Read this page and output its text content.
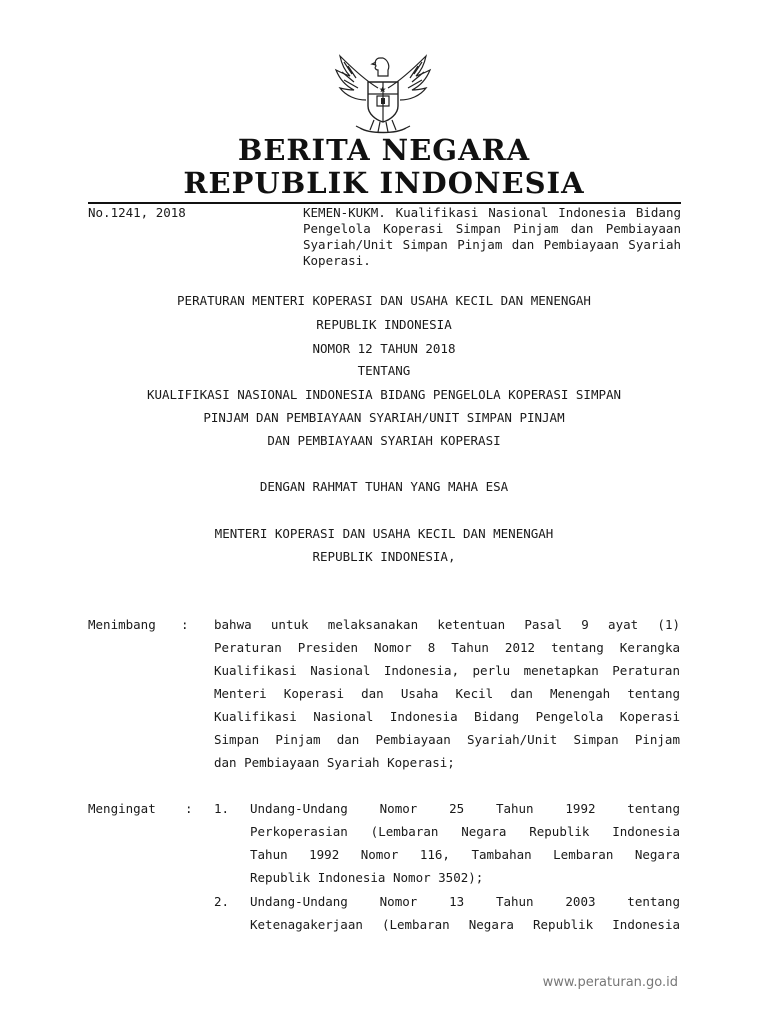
BERITA NEGARA
REPUBLIK INDONESIA
No.1241, 2018	KEMEN-KUKM. Kualifikasi Nasional Indonesia Bidang Pengelola Koperasi Simpan Pinjam dan Pembiayaan Syariah/Unit Simpan Pinjam dan Pembiayaan Syariah Koperasi.
PERATURAN MENTERI KOPERASI DAN USAHA KECIL DAN MENENGAH
REPUBLIK INDONESIA
NOMOR 12 TAHUN 2018
TENTANG
KUALIFIKASI NASIONAL INDONESIA BIDANG PENGELOLA KOPERASI SIMPAN
PINJAM DAN PEMBIAYAAN SYARIAH/UNIT SIMPAN PINJAM
DAN PEMBIAYAAN SYARIAH KOPERASI
DENGAN RAHMAT TUHAN YANG MAHA ESA
MENTERI KOPERASI DAN USAHA KECIL DAN MENENGAH
REPUBLIK INDONESIA,
Menimbang : bahwa untuk melaksanakan ketentuan Pasal 9 ayat (1)
Peraturan Presiden Nomor 8 Tahun 2012 tentang Kerangka
Kualifikasi Nasional Indonesia, perlu menetapkan Peraturan
Menteri Koperasi dan Usaha Kecil dan Menengah tentang
Kualifikasi Nasional Indonesia Bidang Pengelola Koperasi
Simpan Pinjam dan Pembiayaan Syariah/Unit Simpan Pinjam
dan Pembiayaan Syariah Koperasi;
Mengingat : 1. Undang-Undang Nomor 25 Tahun 1992 tentang
Perkoperasian (Lembaran Negara Republik Indonesia
Tahun 1992 Nomor 116, Tambahan Lembaran Negara
Republik Indonesia Nomor 3502);
2. Undang-Undang Nomor 13 Tahun 2003 tentang
Ketenagakerjaan (Lembaran Negara Republik Indonesia
www.peraturan.go.id
